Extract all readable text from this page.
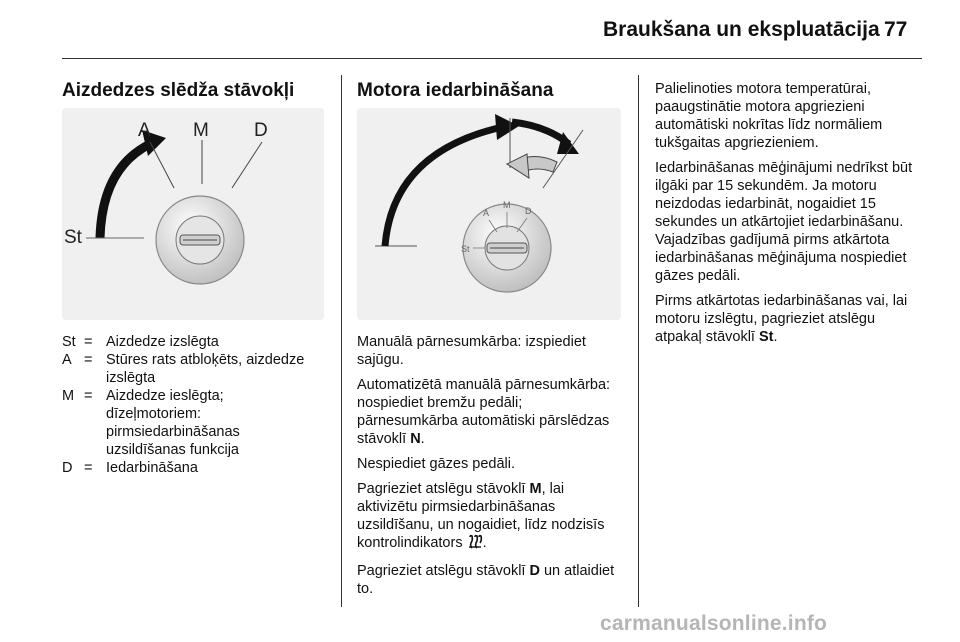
Braukšana un ekspluatācija 77
Aizdedzes slēdža stāvokļi
A M D
St
St = Aizdedze izslēgta
A = Stūres rats atbloķēts, aizdedze izslēgta
M = Aizdedze ieslēgta; dīzeļmotoriem: pirmsiedarbināšanas uzsildīšanas funkcija
D = Iedarbināšana
Motora iedarbināšana
A
M
D
St

Manuālā pārnesumkārba: izspiediet sajūgu.

Automatizētā manuālā pārnesumkārba: nospiediet bremžu pedāli; pārnesumkārba automātiski pārslēdzas stāvoklī N.

Nespiediet gāzes pedāli.

Pagrieziet atslēgu stāvoklī M, lai aktivizētu pirmsiedarbināšanas uzsildīšanu, un nogaidiet, līdz nodzisīs kontrolindikators .

Pagrieziet atslēgu stāvoklī D un atlaidiet to.

Palielinoties motora temperatūrai, paaugstinātie motora apgriezieni automātiski nokrītas līdz normāliem tukšgaitas apgriezieniem.

Iedarbināšanas mēģinājumi nedrīkst būt ilgāki par 15 sekundēm. Ja motoru neizdodas iedarbināt, nogaidiet 15 sekundes un atkārtojiet iedarbināšanu. Vajadzības gadījumā pirms atkārtota iedarbināšanas mēģinājuma nospiediet gāzes pedāli.

Pirms atkārtotas iedarbināšanas vai, lai motoru izslēgtu, pagrieziet atslēgu atpakaļ stāvoklī St.

carmanualsonline.info
